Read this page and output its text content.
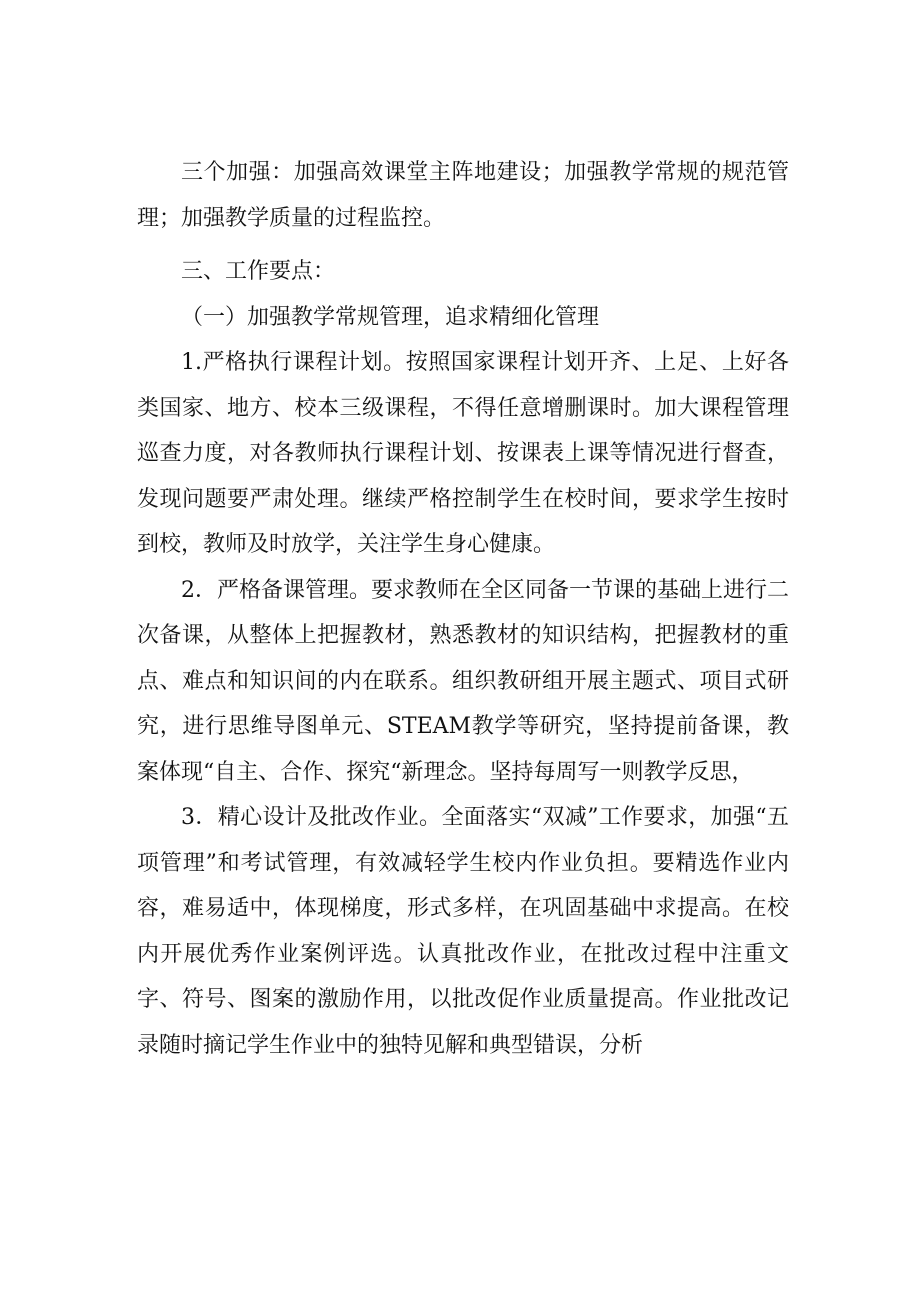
三个加强：加强高效课堂主阵地建设；加强教学常规的规范管理；加强教学质量的过程监控。

三、工作要点：

（一）加强教学常规管理，追求精细化管理

1.严格执行课程计划。按照国家课程计划开齐、上足、上好各类国家、地方、校本三级课程，不得任意增删课时。加大课程管理巡查力度，对各教师执行课程计划、按课表上课等情况进行督查，发现问题要严肃处理。继续严格控制学生在校时间，要求学生按时到校，教师及时放学，关注学生身心健康。

2．严格备课管理。要求教师在全区同备一节课的基础上进行二次备课，从整体上把握教材，熟悉教材的知识结构，把握教材的重点、难点和知识间的内在联系。组织教研组开展主题式、项目式研究，进行思维导图单元、STEAM教学等研究，坚持提前备课，教案体现“自主、合作、探究“新理念。坚持每周写一则教学反思，

3．精心设计及批改作业。全面落实“双减”工作要求，加强“五项管理”和考试管理，有效减轻学生校内作业负担。要精选作业内容，难易适中，体现梯度，形式多样，在巩固基础中求提高。在校内开展优秀作业案例评选。认真批改作业，在批改过程中注重文字、符号、图案的激励作用，以批改促作业质量提高。作业批改记录随时摘记学生作业中的独特见解和典型错误，分析
